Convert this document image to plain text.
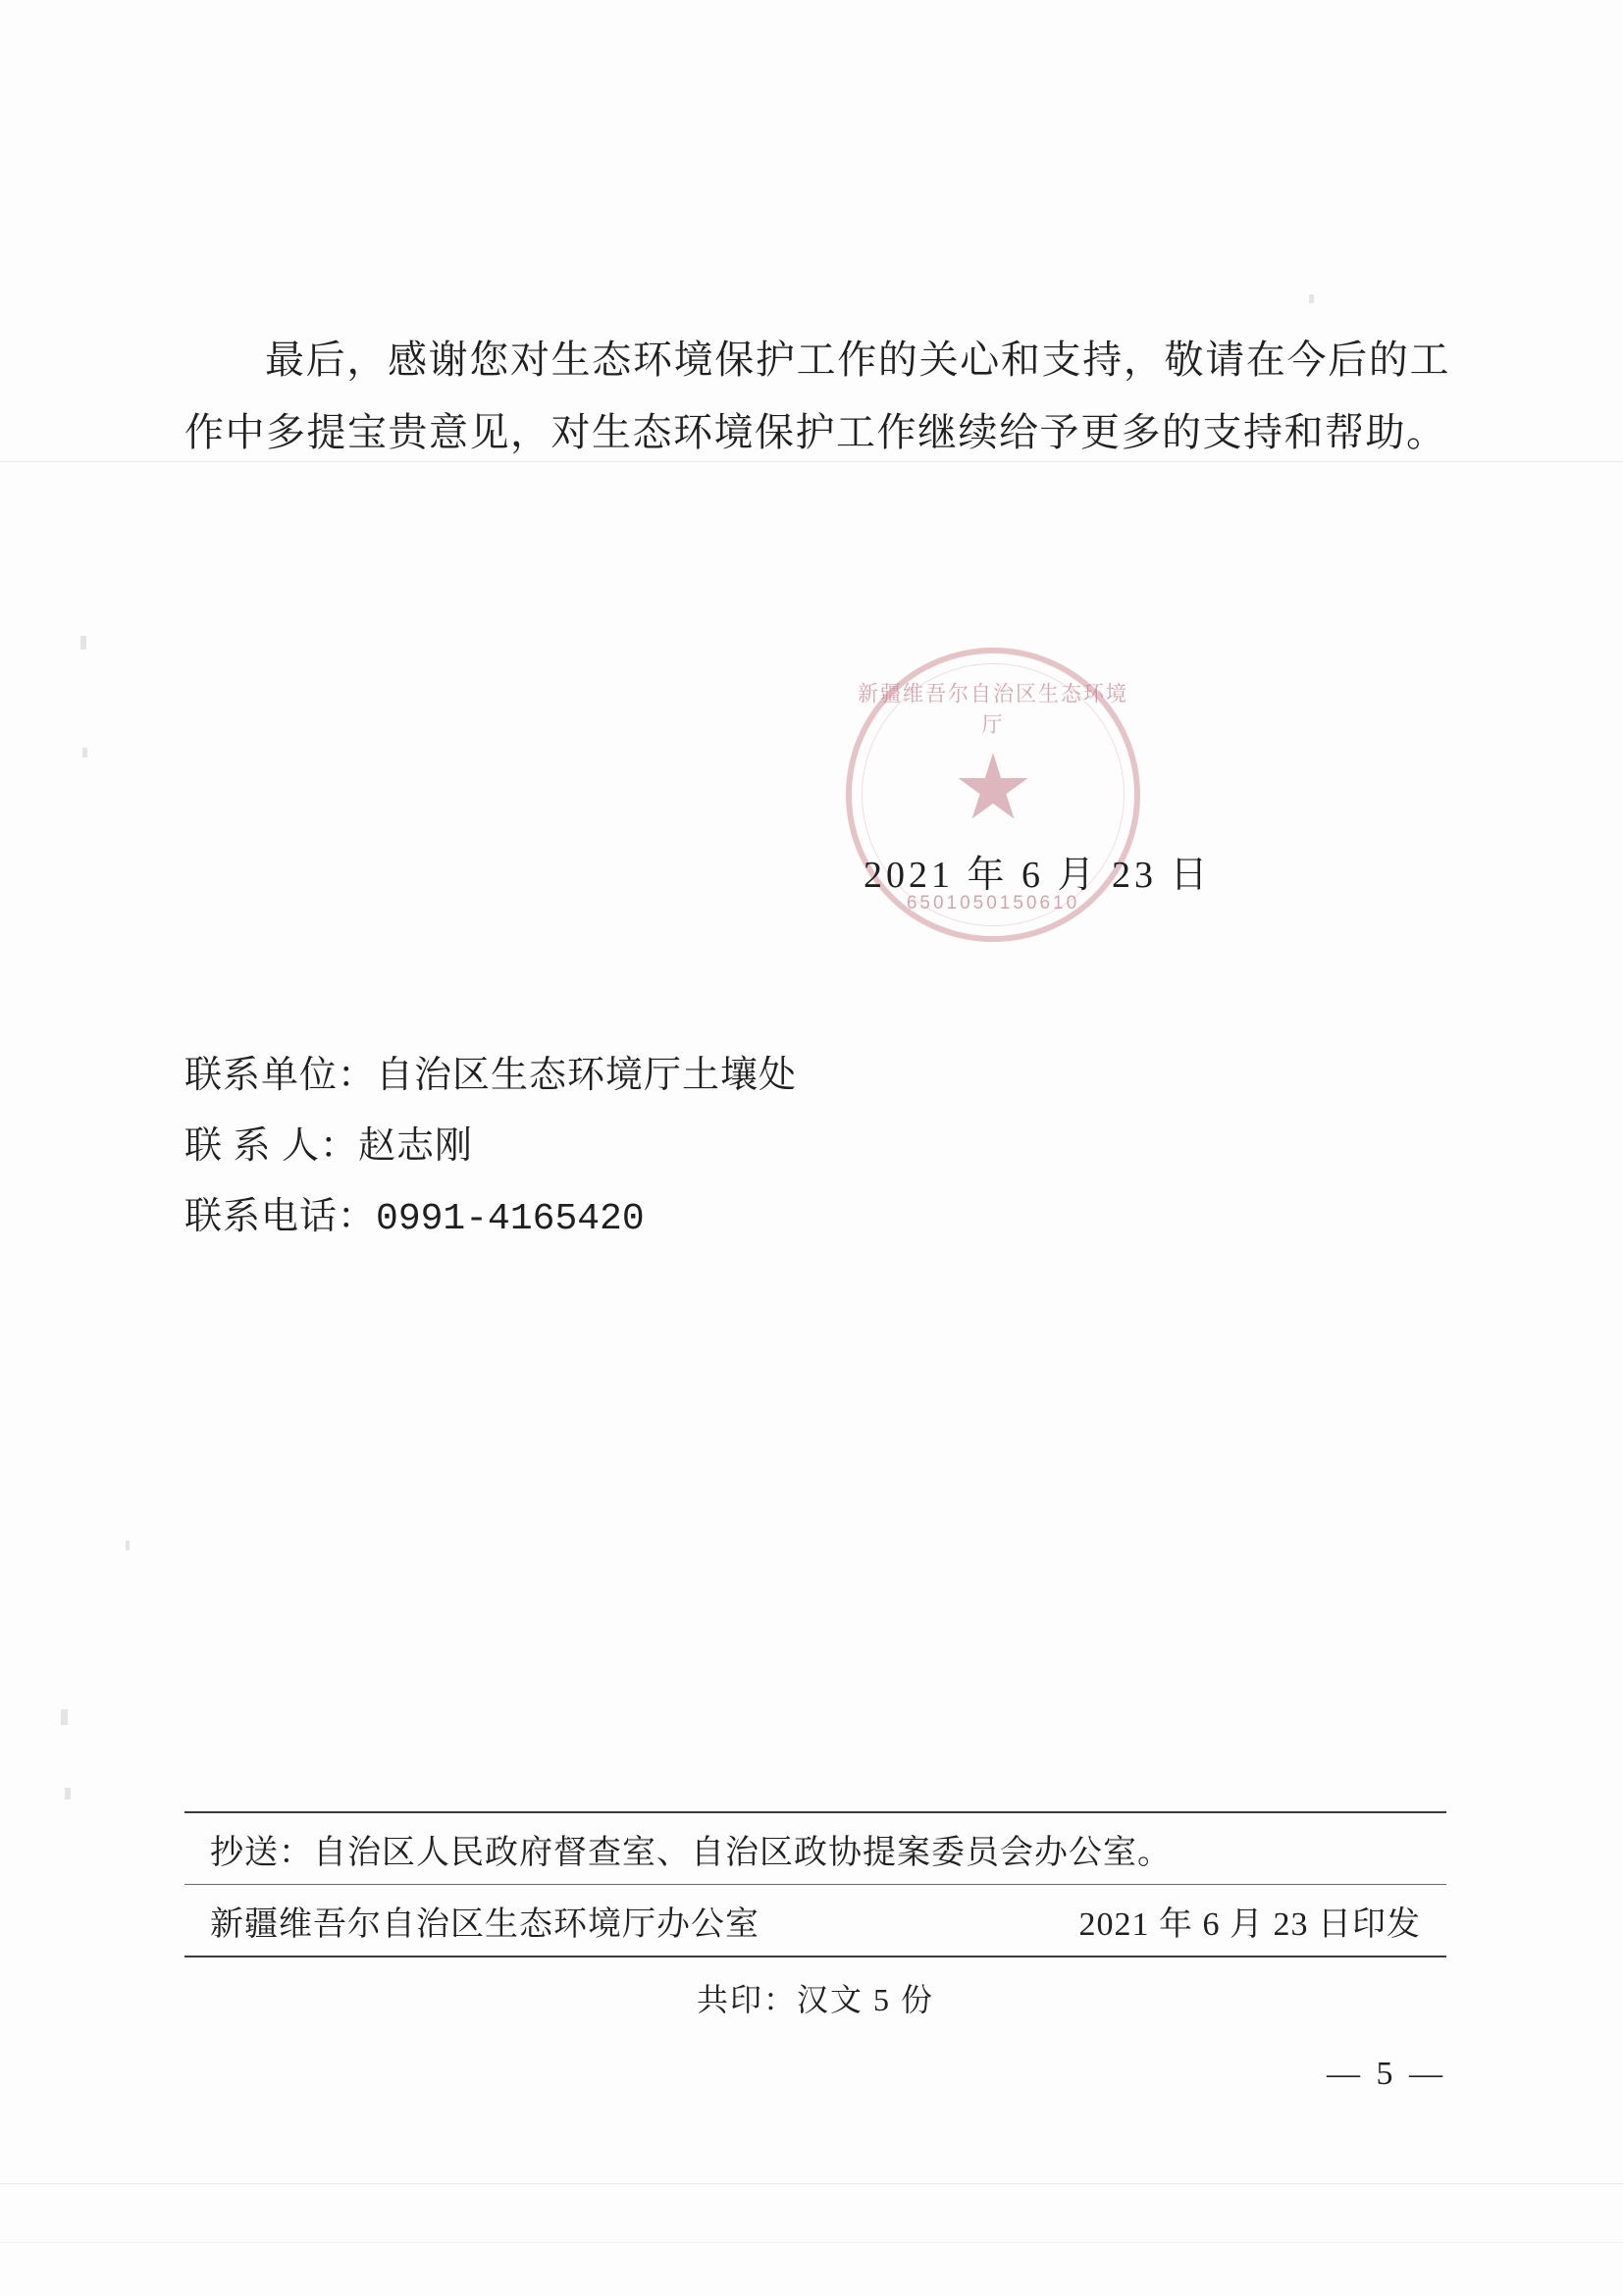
最后，感谢您对生态环境保护工作的关心和支持，敬请在今后的工作中多提宝贵意见，对生态环境保护工作继续给予更多的支持和帮助。

新疆维吾尔自治区生态环境厅
6501050150610
2021 年 6 月 23 日
联系单位：自治区生态环境厅土壤处
联 系 人：赵志刚
联系电话：0991-4165420
抄送：自治区人民政府督查室、自治区政协提案委员会办公室。
新疆维吾尔自治区生态环境厅办公室	2021 年 6 月 23 日印发
共印：汉文 5 份
— 5 —
